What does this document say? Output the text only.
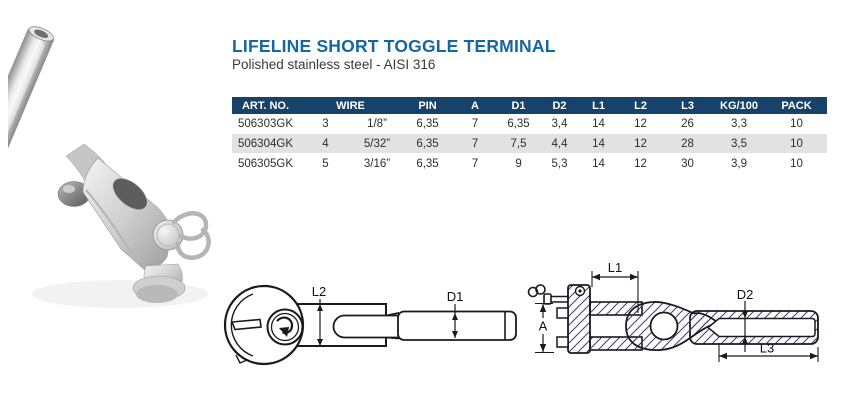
LIFELINE SHORT TOGGLE TERMINAL
Polished stainless steel - AISI 316
ART. NO.	WIRE		PIN	A	D1	D2	L1	L2	L3	KG/100	PACK
506303GK	3	1/8”	6,35	7	6,35	3,4	14	12	26	3,3	10
506304GK	4	5/32”	6,35	7	7,5	4,4	14	12	28	3,5	10
506305GK	5	3/16”	6,35	7	9	5,3	14	12	30	3,9	10
L2	D1
L1
A
D2
L3
